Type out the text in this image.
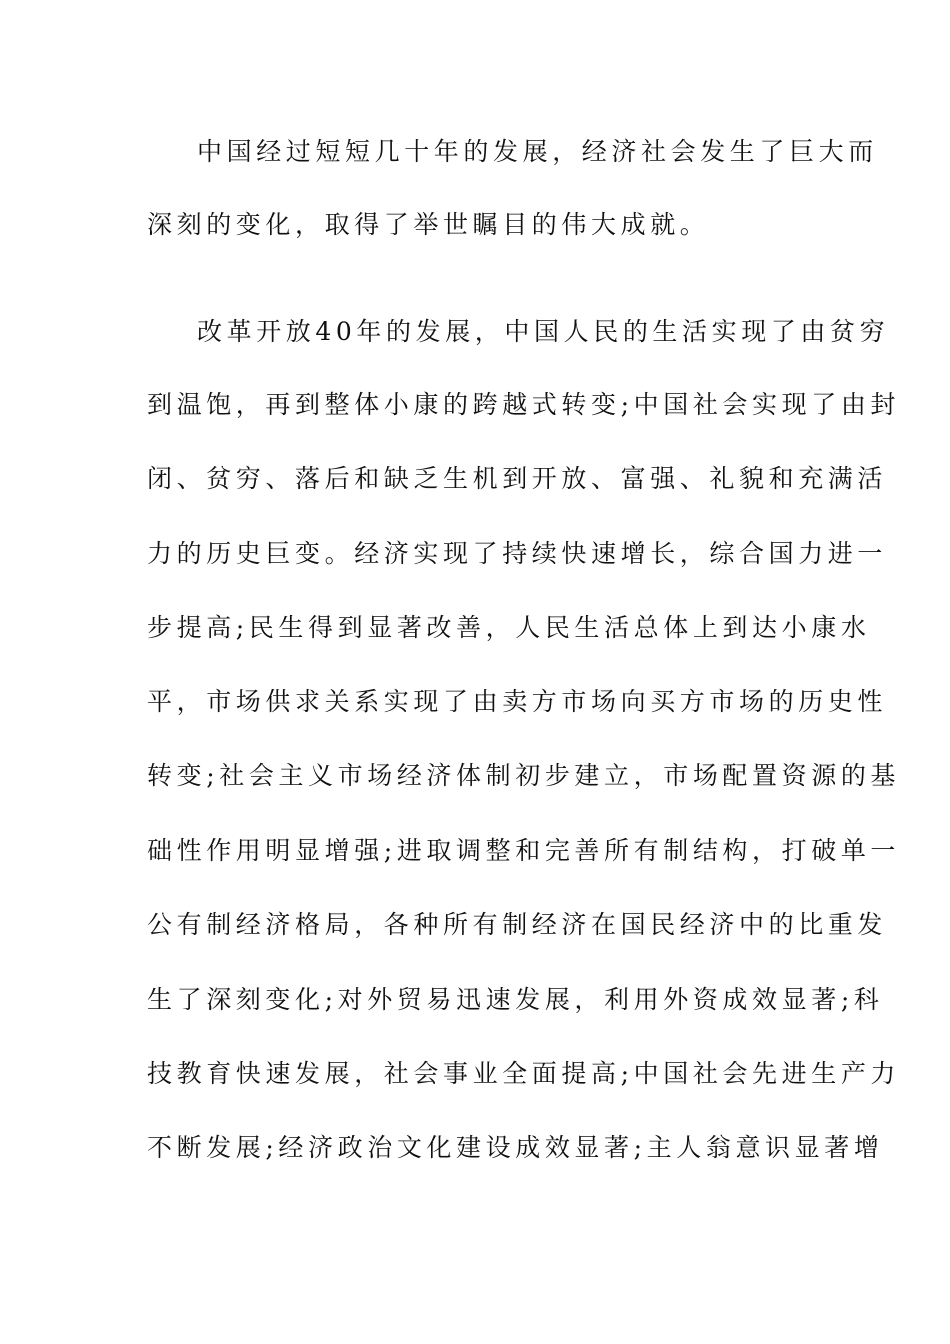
中国经过短短几十年的发展，经济社会发生了巨大而
深刻的变化，取得了举世瞩目的伟大成就。
改革开放40年的发展，中国人民的生活实现了由贫穷
到温饱，再到整体小康的跨越式转变;中国社会实现了由封
闭、贫穷、落后和缺乏生机到开放、富强、礼貌和充满活
力的历史巨变。经济实现了持续快速增长，综合国力进一
步提高;民生得到显著改善，人民生活总体上到达小康水
平，市场供求关系实现了由卖方市场向买方市场的历史性
转变;社会主义市场经济体制初步建立，市场配置资源的基
础性作用明显增强;进取调整和完善所有制结构，打破单一
公有制经济格局，各种所有制经济在国民经济中的比重发
生了深刻变化;对外贸易迅速发展，利用外资成效显著;科
技教育快速发展，社会事业全面提高;中国社会先进生产力
不断发展;经济政治文化建设成效显著;主人翁意识显著增
